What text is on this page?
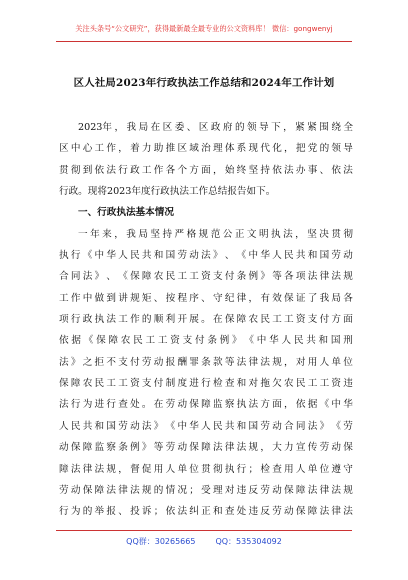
关注头条号“公文研究”，获得最新最全最专业的公文资料库！ 微信：gongwenyj
区人社局2023年行政执法工作总结和2024年工作计划
2023年 ， 我 局 在 区 委 、 区 政 府 的 领 导 下 ， 紧 紧 围 绕 全
区 中 心 工 作 ， 着 力 助 推 区 域 治 理 体 系 现 代 化 ， 把 党 的 领 导
贯 彻 到 依 法 行 政 工 作 各 个 方 面 ， 始 终 坚 持 依 法 办 事 、 依 法
行政。现将2023年度行政执法工作总结报告如下。
一、行政执法基本情况
一 年 来 ， 我 局 坚 持 严 格 规 范 公 正 文 明 执 法 ， 坚 决 贯 彻
执 行 《 中 华 人 民 共 和 国 劳 动 法 》 、 《 中 华 人 民 共 和 国 劳 动
合 同 法 》 、 《 保 障 农 民 工 工 资 支 付 条 例 》 等 各 项 法 律 法 规
工 作 中 做 到 讲 规 矩 、 按 程 序 、 守 纪 律 ， 有 效 保 证 了 我 局 各
项 行 政 执 法 工 作 的 顺 利 开 展 。 在 保 障 农 民 工 工 资 支 付 方 面
依 据 《 保 障 农 民 工 工 资 支 付 条 例 》 《 中 华 人 民 共 和 国 刑
法 》 之 拒 不 支 付 劳 动 报 酬 罪 条 款 等 法 律 法 规 ， 对 用 人 单 位
保 障 农 民 工 工 资 支 付 制 度 进 行 检 查 和 对 拖 欠 农 民 工 工 资 违
法 行 为 进 行 查 处 。 在 劳 动 保 障 监 察 执 法 方 面 ， 依 据 《 中 华
人 民 共 和 国 劳 动 法 》 《 中 华 人 民 共 和 国 劳 动 合 同 法 》 《 劳
动 保 障 监 察 条 例 》 等 劳 动 保 障 法 律 法 规 ， 大 力 宣 传 劳 动 保
障 法 律 法 规 ， 督 促 用 人 单 位 贯 彻 执 行 ； 检 查 用 人 单 位 遵 守
劳 动 保 障 法 律 法 规 的 情 况 ； 受 理 对 违 反 劳 动 保 障 法 律 法 规
行 为 的 举 报 、 投 诉 ； 依 法 纠 正 和 查 处 违 反 劳 动 保 障 法 律 法
QQ群：30265665	QQ：535304092
